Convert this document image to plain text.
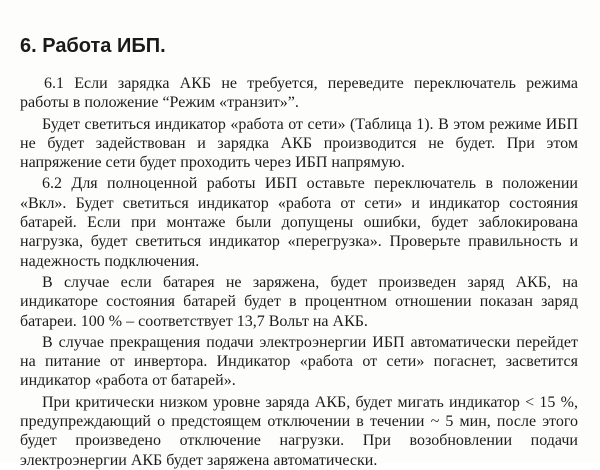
6. Работа ИБП.

6.1 Если зарядка АКБ не требуется, переведите переключатель режима работы в положение “Режим «транзит»”.

Будет светиться индикатор «работа от сети» (Таблица 1). В этом режиме ИБП не будет задействован и зарядка АКБ производится не будет. При этом напряжение сети будет проходить через ИБП напрямую.

6.2 Для полноценной работы ИБП оставьте переключатель в положении «Вкл». Будет светиться индикатор «работа от сети» и индикатор состояния батарей. Если при монтаже были допущены ошибки, будет заблокирована нагрузка, будет светиться индикатор «перегрузка». Проверьте правильность и надежность подключения.

В случае если батарея не заряжена, будет произведен заряд АКБ, на индикаторе состояния батарей будет в процентном отношении показан заряд батареи. 100 % – соответствует 13,7 Вольт на АКБ.

В случае прекращения подачи электроэнергии ИБП автоматически перейдет на питание от инвертора. Индикатор «работа от сети» погаснет, засветится индикатор «работа от батарей».

При критически низком уровне заряда АКБ, будет мигать индикатор < 15 %, предупреждающий о предстоящем отключении в течении ~ 5 мин, после этого будет произведено отключение нагрузки. При возобновлении подачи электроэнергии АКБ будет заряжена автоматически.
